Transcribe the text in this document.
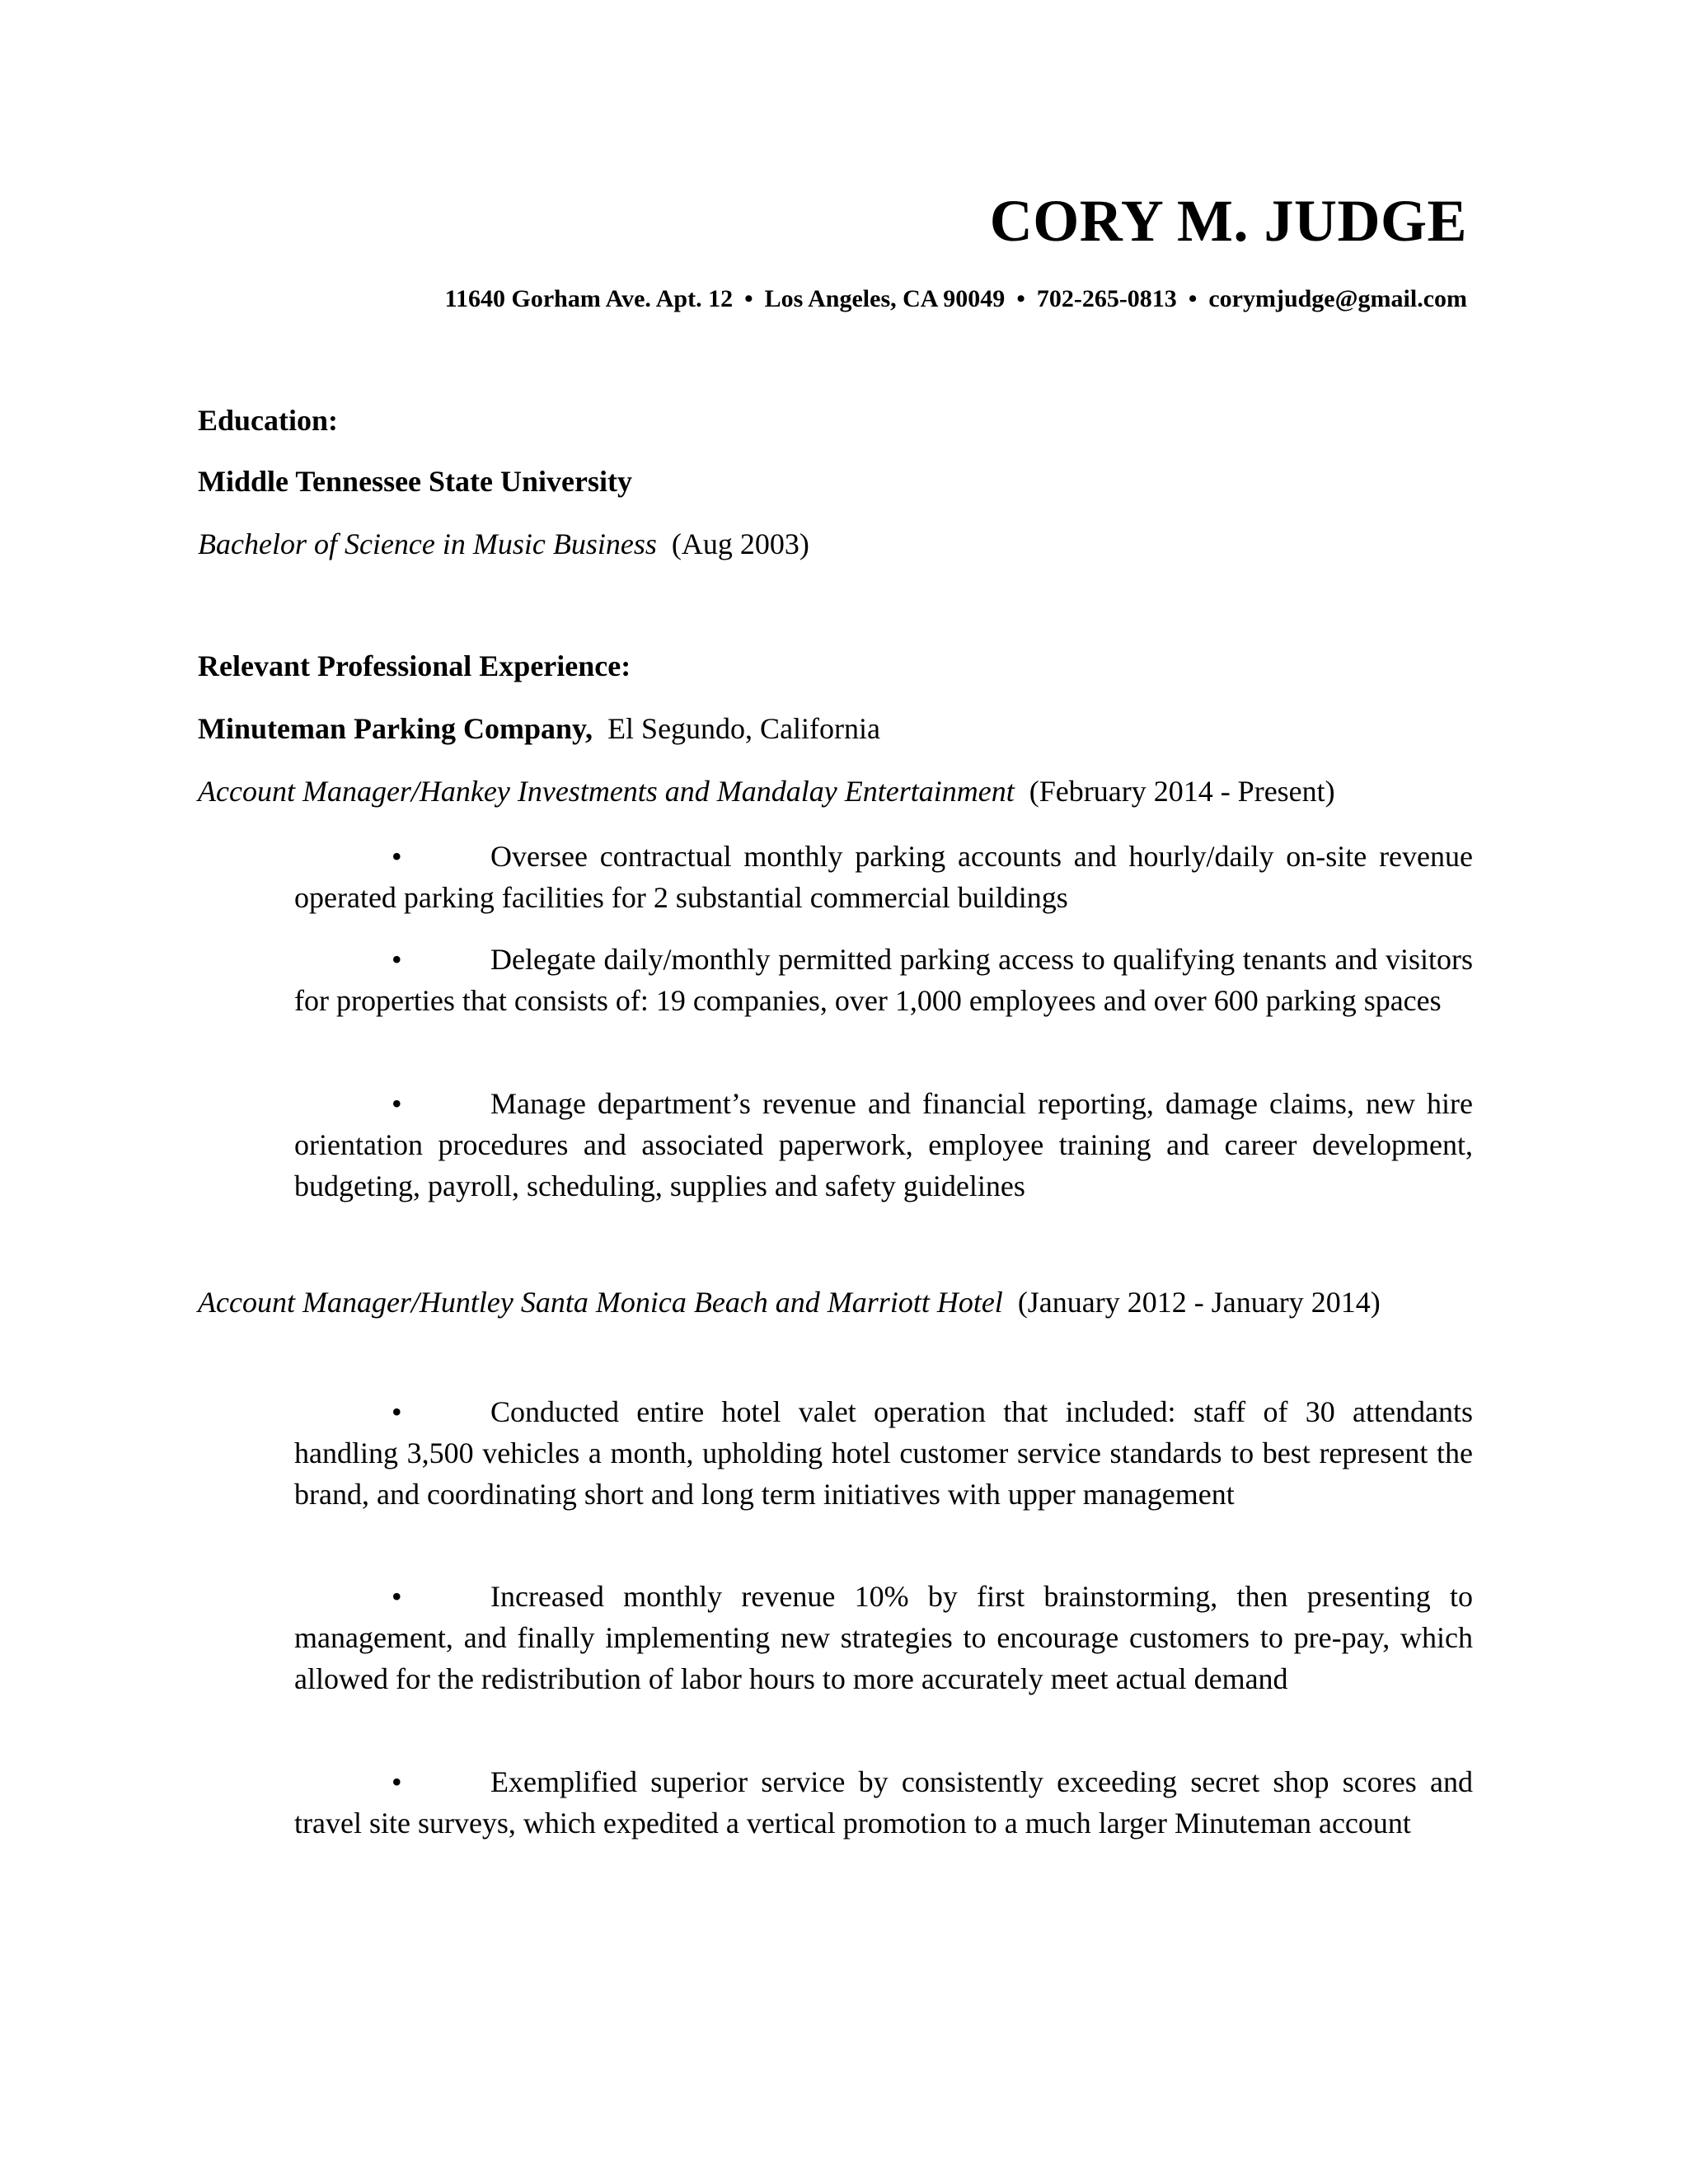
CORY M. JUDGE
11640 Gorham Ave. Apt. 12 • Los Angeles, CA 90049 • 702-265-0813 • corymjudge@gmail.com
Education:
Middle Tennessee State University
Bachelor of Science in Music Business (Aug 2003)
Relevant Professional Experience:
Minuteman Parking Company, El Segundo, California
Account Manager/Hankey Investments and Mandalay Entertainment (February 2014 - Present)
•	Oversee contractual monthly parking accounts and hourly/daily on-site revenue operated parking facilities for 2 substantial commercial buildings
•	Delegate daily/monthly permitted parking access to qualifying tenants and visitors for properties that consists of: 19 companies, over 1,000 employees and over 600 parking spaces
•	Manage department’s revenue and financial reporting, damage claims, new hire orientation procedures and associated paperwork, employee training and career development, budgeting, payroll, scheduling, supplies and safety guidelines
Account Manager/Huntley Santa Monica Beach and Marriott Hotel (January 2012 - January 2014)
•	Conducted entire hotel valet operation that included: staff of 30 attendants handling 3,500 vehicles a month, upholding hotel customer service standards to best represent the brand, and coordinating short and long term initiatives with upper management
•	Increased monthly revenue 10% by first brainstorming, then presenting to management, and finally implementing new strategies to encourage customers to pre-pay, which allowed for the redistribution of labor hours to more accurately meet actual demand
•	Exemplified superior service by consistently exceeding secret shop scores and travel site surveys, which expedited a vertical promotion to a much larger Minuteman account
